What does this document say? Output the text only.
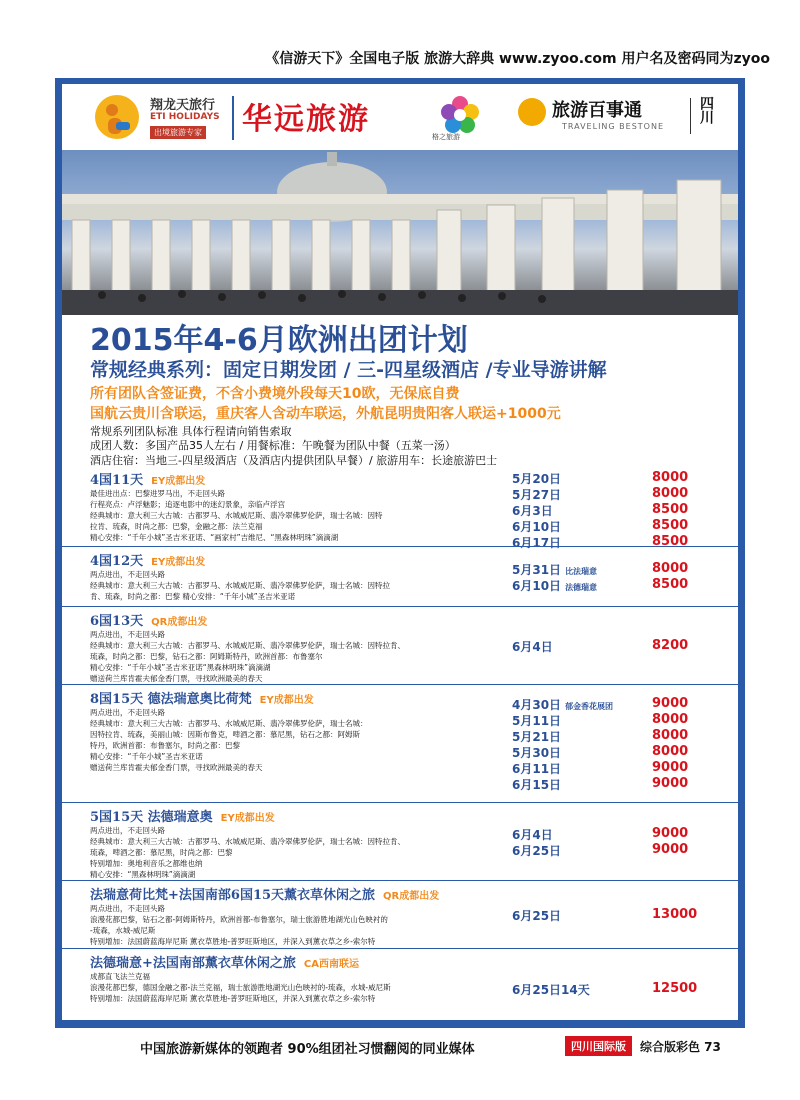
《信游天下》全国电子版 旅游大辞典 www.zyoo.com 用户名及密码同为zyoo
翔龙天旅行
ETI HOLIDAYS
出境旅游专家 华远旅游	格之旅游
旅游百事通
TRAVELING BESTONE
四川
2015年4-6月欧洲出团计划
常规经典系列：固定日期发团 / 三-四星级酒店 /专业导游讲解
所有团队含签证费，不含小费境外段每天10欧，无保底自费
国航云贵川含联运，重庆客人含动车联运，外航昆明贵阳客人联运+1000元
常规系列团队标准 具体行程请向销售索取
成团人数：多国产品35人左右 / 用餐标准：午晚餐为团队中餐（五菜一汤）
酒店住宿：当地三-四星级酒店（及酒店内提供团队早餐）/ 旅游用车：长途旅游巴士
4国11天 EY成都出发
最佳进出点：巴黎进罗马出，不走回头路
行程亮点：卢浮魅影；追逐电影中的迷幻景象，亲临卢浮宫
经典城市：意大利三大古城：古都罗马、水城威尼斯、翡冷翠佛罗伦萨，瑞士名城：因特
拉肯、琉森，时尚之都：巴黎，金融之都：法兰克福
精心安排：“千年小城”圣吉米亚诺、“画家村”吉维尼、“黑森林明珠”滴滴湖
5月20日	8000
5月27日	8000
6月3日	8500
6月10日	8500
6月17日	8500
4国12天 EY成都出发
两点进出，不走回头路
经典城市：意大利三大古城：古都罗马、水城威尼斯、翡冷翠佛罗伦萨，瑞士名城：因特拉
肯、琉森，时尚之都：巴黎 精心安排：“千年小城”圣吉米亚诺
5月31日 比法瑞意	8000
6月10日 法德瑞意	8500
6国13天 QR成都出发
两点进出，不走回头路
经典城市：意大利三大古城：古都罗马、水城威尼斯、翡冷翠佛罗伦萨，瑞士名城：因特拉肯、
琉森，时尚之都：巴黎，钻石之都：阿姆斯特丹，欧洲首都：布鲁塞尔
精心安排：“千年小城”圣吉米亚诺“黑森林明珠”滴滴湖
赠送荷兰库肯霍夫郁金香门票，寻找欧洲最美的春天
6月4日	8200
8国15天 德法瑞意奥比荷梵 EY成都出发
两点进出，不走回头路
经典城市：意大利三大古城：古都罗马、水城威尼斯、翡冷翠佛罗伦萨，瑞士名城：
因特拉肯、琉森，美丽山城：因斯布鲁克，啤酒之都：慕尼黑，钻石之都：阿姆斯
特丹，欧洲首都：布鲁塞尔，时尚之都：巴黎
精心安排：“千年小城”圣吉米亚诺
赠送荷兰库肯霍夫郁金香门票，寻找欧洲最美的春天
4月30日 郁金香花展团	9000
5月11日	8000
5月21日	8000
5月30日	8000
6月11日	9000
6月15日	9000
5国15天 法德瑞意奥 EY成都出发
两点进出，不走回头路
经典城市：意大利三大古城：古都罗马、水城威尼斯、翡冷翠佛罗伦萨，瑞士名城：因特拉肯、
琉森，啤酒之都：慕尼黑，时尚之都：巴黎
特别增加：奥地利音乐之都维也纳
精心安排：“黑森林明珠”滴滴湖
6月4日	9000
6月25日	9000
法瑞意荷比梵+法国南部6国15天薰衣草休闲之旅 QR成都出发
两点进出，不走回头路
浪漫花都巴黎，钻石之都-阿姆斯特丹，欧洲首都-布鲁塞尔，瑞士旅游胜地湖光山色映衬的
-琉森，水城-威尼斯
特别增加：法国蔚蓝海岸尼斯 薰衣草胜地-普罗旺斯地区，并深入到薰衣草之乡-索尔特
6月25日	13000
法德瑞意+法国南部薰衣草休闲之旅 CA西南联运
成都直飞法兰克福
浪漫花都巴黎，德国金融之都-法兰克福，瑞士旅游胜地湖光山色映衬的-琉森，水城-威尼斯
特别增加：法国蔚蓝海岸尼斯 薰衣草胜地-普罗旺斯地区，并深入到薰衣草之乡-索尔特
6月25日14天	12500
中国旅游新媒体的领跑者 90%组团社习惯翻阅的同业媒体	四川国际版	综合版彩色 73
